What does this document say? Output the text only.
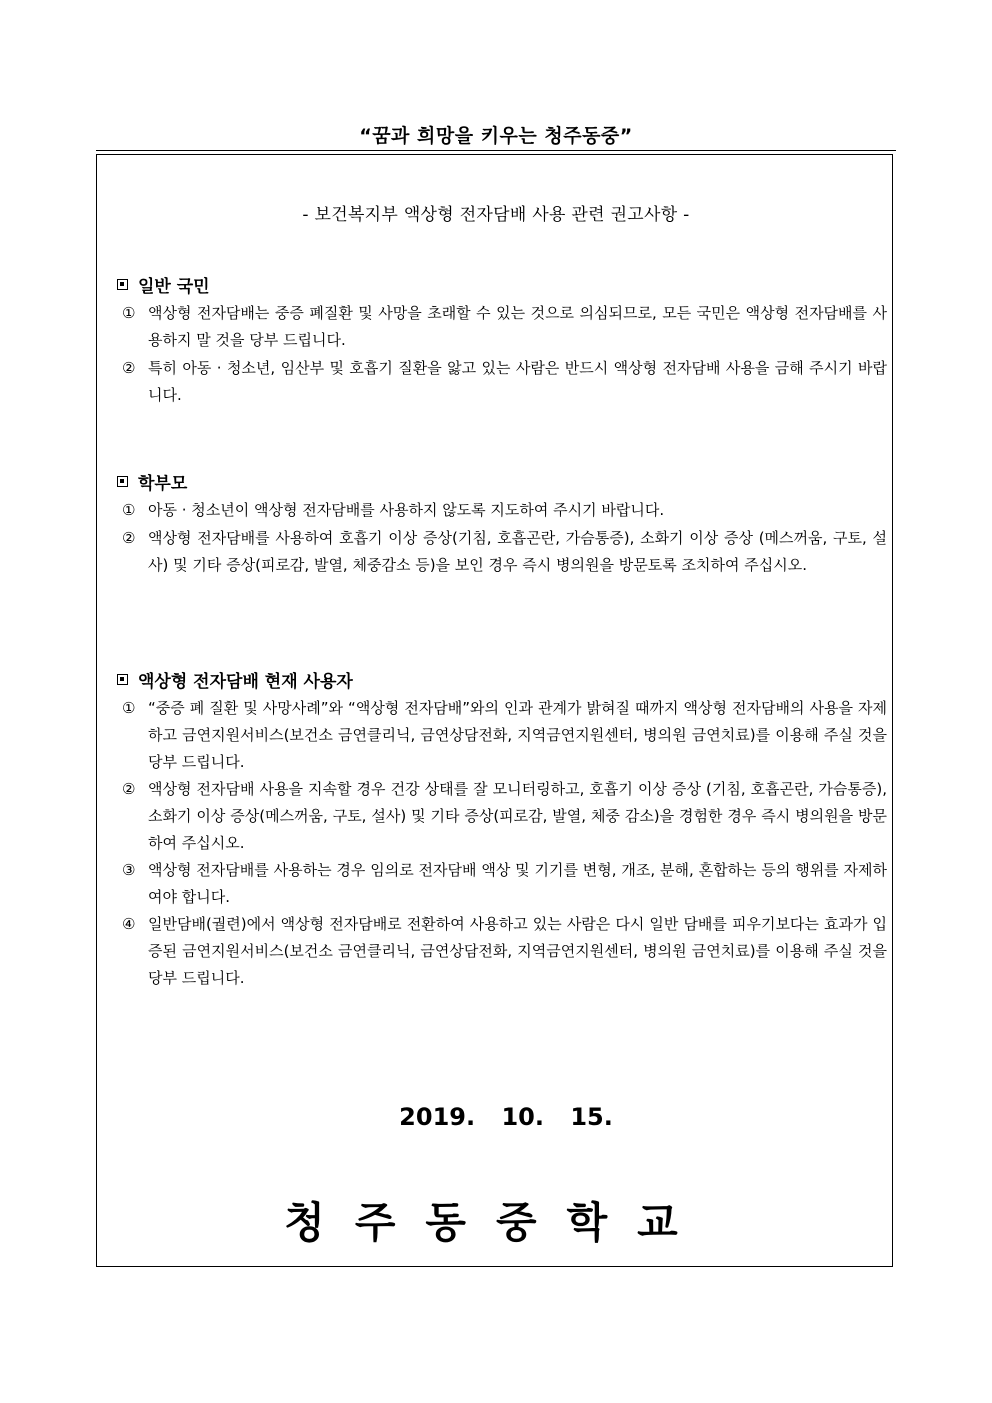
“꿈과 희망을 키우는 청주동중”
- 보건복지부 액상형 전자담배 사용 관련 권고사항 -
일반 국민
① 액상형 전자담배는 중증 폐질환 및 사망을 초래할 수 있는 것으로 의심되므로, 모든 국민은 액상형 전자담배를 사용하지 말 것을 당부 드립니다.
② 특히 아동 · 청소년, 임산부 및 호흡기 질환을 앓고 있는 사람은 반드시 액상형 전자담배 사용을 금해 주시기 바랍니다.
학부모
① 아동 · 청소년이 액상형 전자담배를 사용하지 않도록 지도하여 주시기 바랍니다.
② 액상형 전자담배를 사용하여 호흡기 이상 증상(기침, 호흡곤란, 가슴통증), 소화기 이상 증상 (메스꺼움, 구토, 설사) 및 기타 증상(피로감, 발열, 체중감소 등)을 보인 경우 즉시 병의원을 방문토록 조치하여 주십시오.
액상형 전자담배 현재 사용자
① “중증 폐 질환 및 사망사례”와 “액상형 전자담배”와의 인과 관계가 밝혀질 때까지 액상형 전자담배의 사용을 자제하고 금연지원서비스(보건소 금연클리닉, 금연상담전화, 지역금연지원센터, 병의원 금연치료)를 이용해 주실 것을 당부 드립니다.
② 액상형 전자담배 사용을 지속할 경우 건강 상태를 잘 모니터링하고, 호흡기 이상 증상 (기침, 호흡곤란, 가슴통증), 소화기 이상 증상(메스꺼움, 구토, 설사) 및 기타 증상(피로감, 발열, 체중 감소)을 경험한 경우 즉시 병의원을 방문하여 주십시오.
③ 액상형 전자담배를 사용하는 경우 임의로 전자담배 액상 및 기기를 변형, 개조, 분해, 혼합하는 등의 행위를 자제하여야 합니다.
④ 일반담배(궐련)에서 액상형 전자담배로 전환하여 사용하고 있는 사람은 다시 일반 담배를 피우기보다는 효과가 입증된 금연지원서비스(보건소 금연클리닉, 금연상담전화, 지역금연지원센터, 병의원 금연치료)를 이용해 주실 것을 당부 드립니다.
2019. 10. 15.
청주동중학교
